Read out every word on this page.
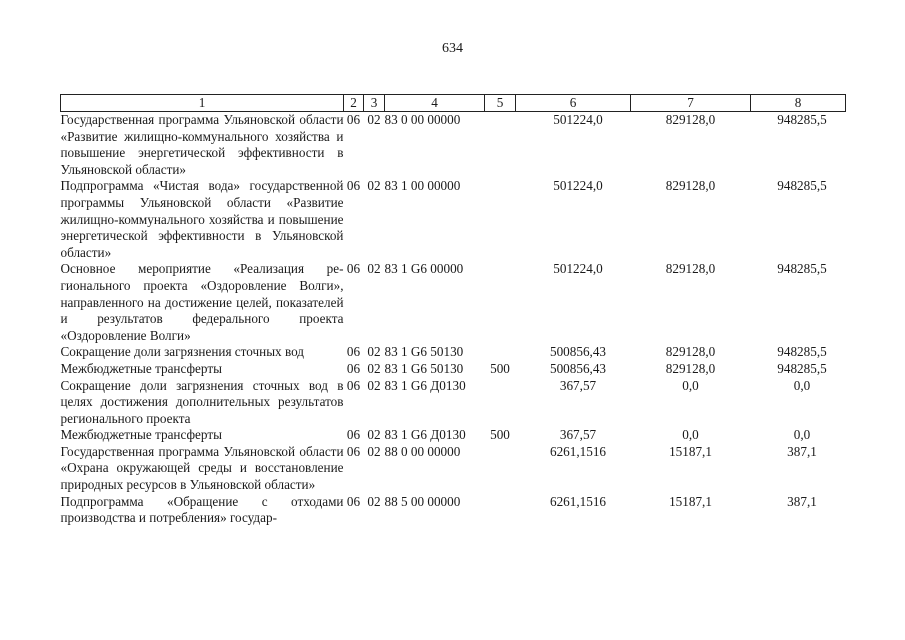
634
1	2	3	4	5	6	7	8
Государственная программа Ульяновской области «Развитие жилищно-коммунального хозяйства и повышение энергетической эффективности в Ульяновской области»	06	02	83 0 00 00000		501224,0	829128,0	948285,5
Подпрограмма «Чистая вода» государственной программы Ульяновской области «Развитие жилищно-коммунального хозяйства и повышение энергетической эффективности в Ульяновской области»	06	02	83 1 00 00000		501224,0	829128,0	948285,5
Основное мероприятие «Реализация регионального проекта «Оздоровление Волги», направленного на достижение целей, показателей и результатов федерального проекта «Оздоровление Волги»	06	02	83 1 G6 00000		501224,0	829128,0	948285,5
Сокращение доли загрязнения сточных вод	06	02	83 1 G6 50130		500856,43	829128,0	948285,5
Межбюджетные трансферты	06	02	83 1 G6 50130	500	500856,43	829128,0	948285,5
Сокращение доли загрязнения сточных вод в целях достижения дополнительных результатов регионального проекта	06	02	83 1 G6 Д0130		367,57	0,0	0,0
Межбюджетные трансферты	06	02	83 1 G6 Д0130	500	367,57	0,0	0,0
Государственная программа Ульяновской области «Охрана окружающей среды и восстановление природных ресурсов в Ульяновской области»	06	02	88 0 00 00000		6261,1516	15187,1	387,1
Подпрограмма «Обращение с отходами производства и потребления» государ-	06	02	88 5 00 00000		6261,1516	15187,1	387,1
